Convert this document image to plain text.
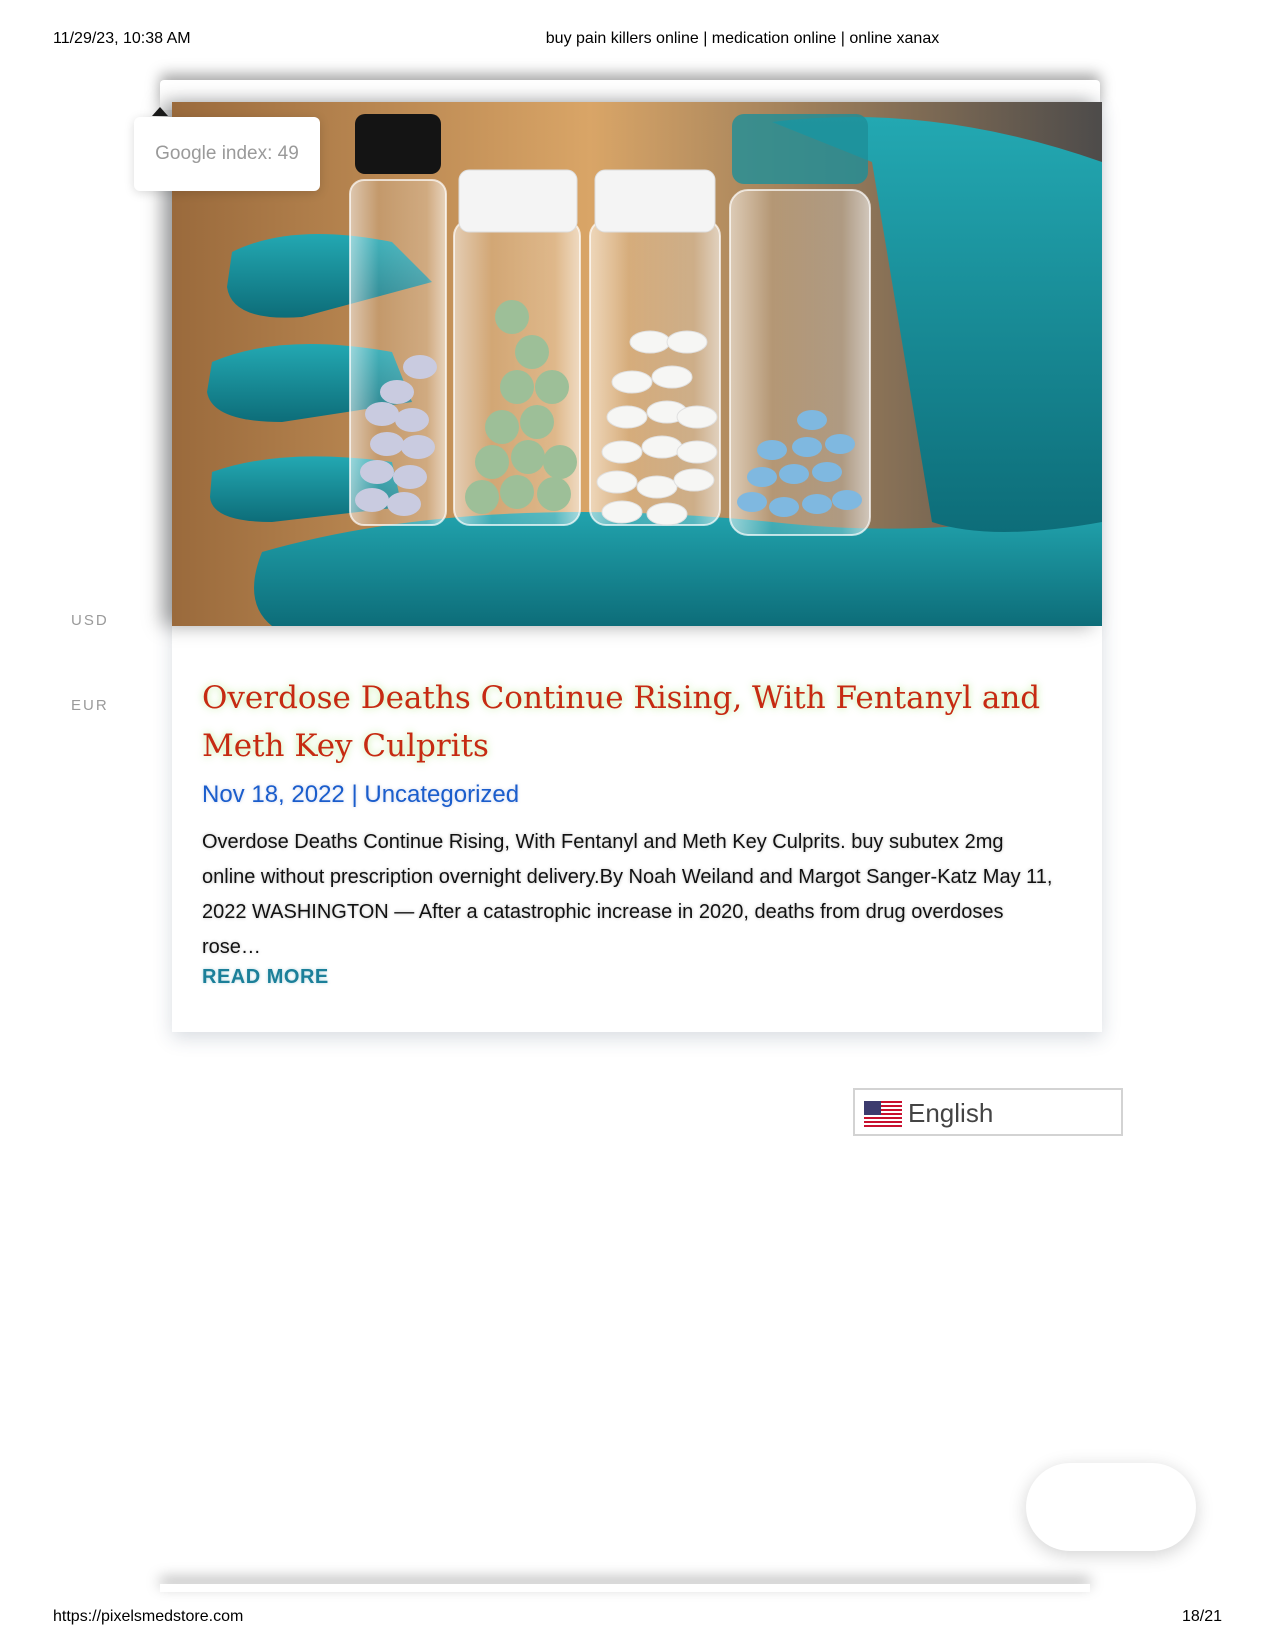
11/29/23, 10:38 AM	buy pain killers online | medication online | online xanax
Overdose Deaths Continue Rising, With Fentanyl and Meth Key Culprits
Nov 18, 2022 | Uncategorized

Overdose Deaths Continue Rising, With Fentanyl and Meth Key Culprits. buy subutex 2mg online without prescription overnight delivery.By Noah Weiland and Margot Sanger-Katz May 11, 2022 WASHINGTON — After a catastrophic increase in 2020, deaths from drug overdoses rose…

READ MORE
Google index: 49
USD
EUR
English
https://pixelsmedstore.com	18/21
